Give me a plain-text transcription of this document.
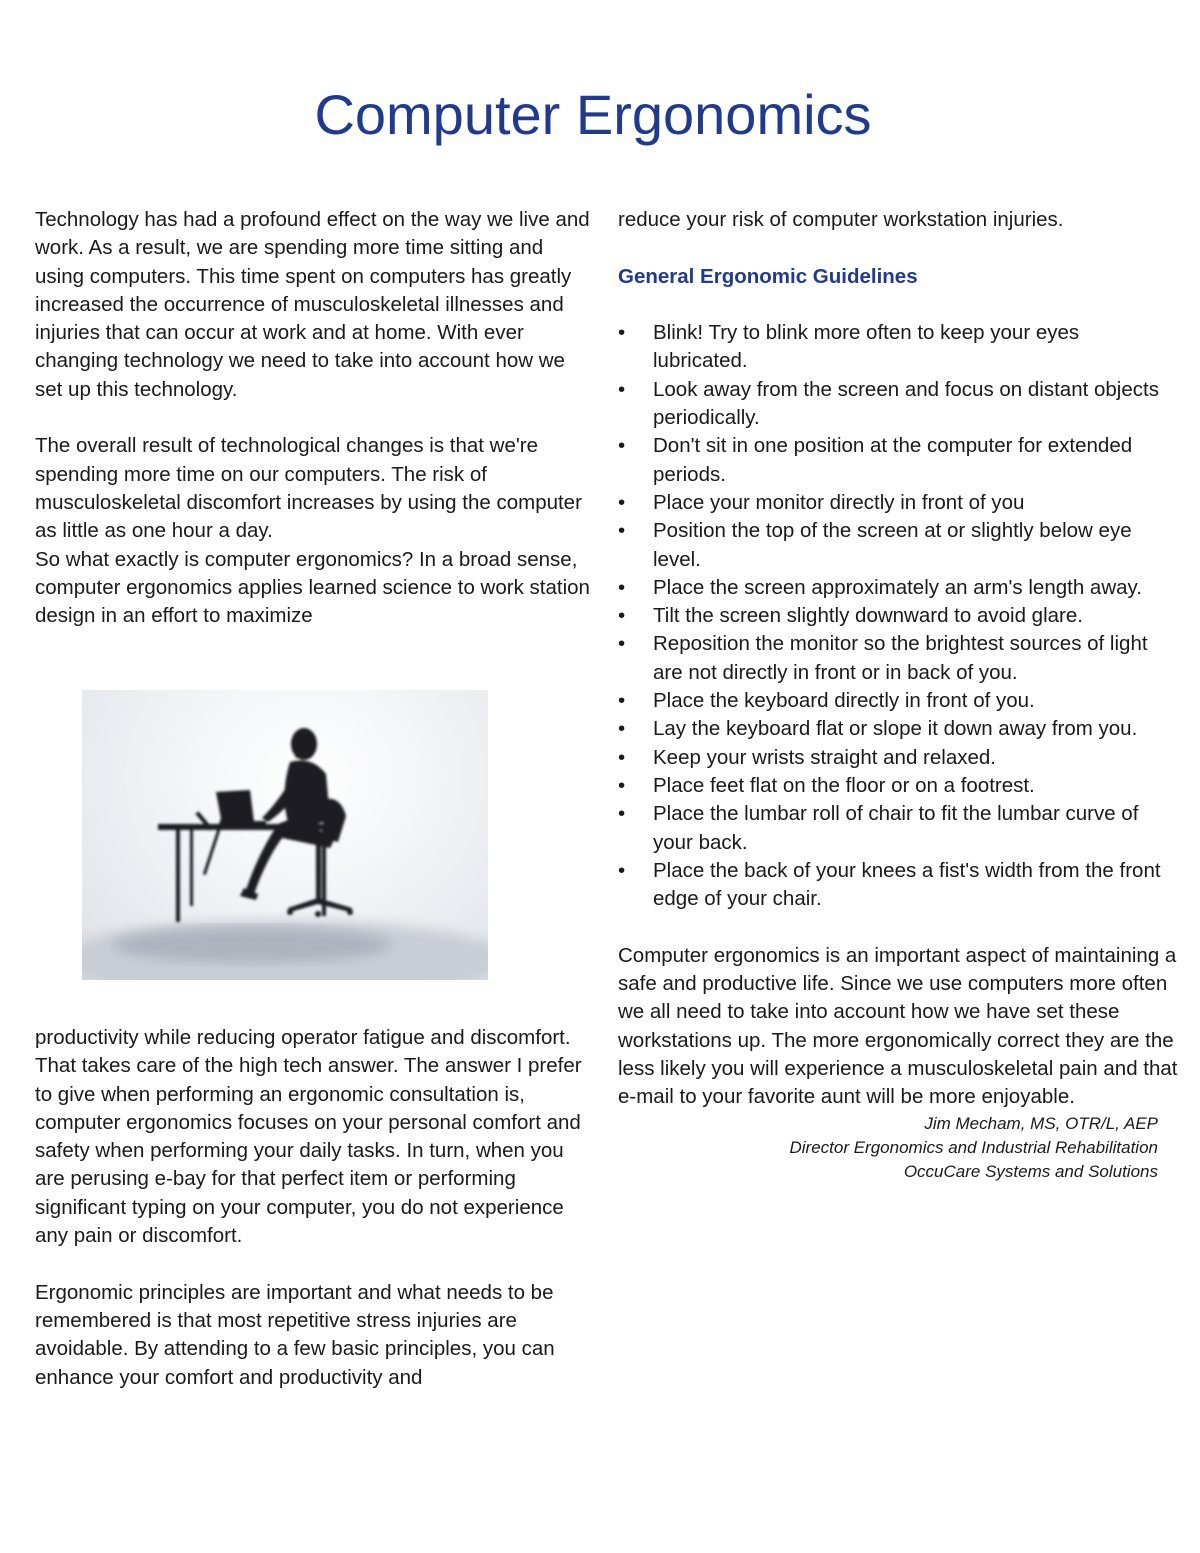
Computer Ergonomics

Technology has had a profound effect on the way we live and work. As a result, we are spending more time sitting and using computers. This time spent on computers has greatly increased the occurrence of musculoskeletal illnesses and injuries that can occur at work and at home. With ever changing technology we need to take into account how we set up this technology.

The overall result of technological changes is that we're spending more time on our computers. The risk of musculoskeletal discomfort increases by using the computer as little as one hour a day.

So what exactly is computer ergonomics? In a broad sense, computer ergonomics applies learned science to work station design in an effort to maximize

productivity while reducing operator fatigue and discomfort. That takes care of the high tech answer. The answer I prefer to give when performing an ergonomic consultation is, computer ergonomics focuses on your personal comfort and safety when performing your daily tasks. In turn, when you are perusing e-bay for that perfect item or performing significant typing on your computer, you do not experience any pain or discomfort.

Ergonomic principles are important and what needs to be remembered is that most repetitive stress injuries are avoidable. By attending to a few basic principles, you can enhance your comfort and productivity and

reduce your risk of computer workstation injuries.

General Ergonomic Guidelines

• Blink! Try to blink more often to keep your eyes lubricated.
• Look away from the screen and focus on distant objects periodically.
• Don't sit in one position at the computer for extended periods.
• Place your monitor directly in front of you
• Position the top of the screen at or slightly below eye level.
• Place the screen approximately an arm's length away.
• Tilt the screen slightly downward to avoid glare.
• Reposition the monitor so the brightest sources of light are not directly in front or in back of you.
• Place the keyboard directly in front of you.
• Lay the keyboard flat or slope it down away from you.
• Keep your wrists straight and relaxed.
• Place feet flat on the floor or on a footrest.
• Place the lumbar roll of chair to fit the lumbar curve of your back.
• Place the back of your knees a fist's width from the front edge of your chair.

Computer ergonomics is an important aspect of maintaining a safe and productive life. Since we use computers more often we all need to take into account how we have set these workstations up. The more ergonomically correct they are the less likely you will experience a musculoskeletal pain and that e-mail to your favorite aunt will be more enjoyable.

Jim Mecham, MS, OTR/L, AEP
Director Ergonomics and Industrial Rehabilitation
OccuCare Systems and Solutions
